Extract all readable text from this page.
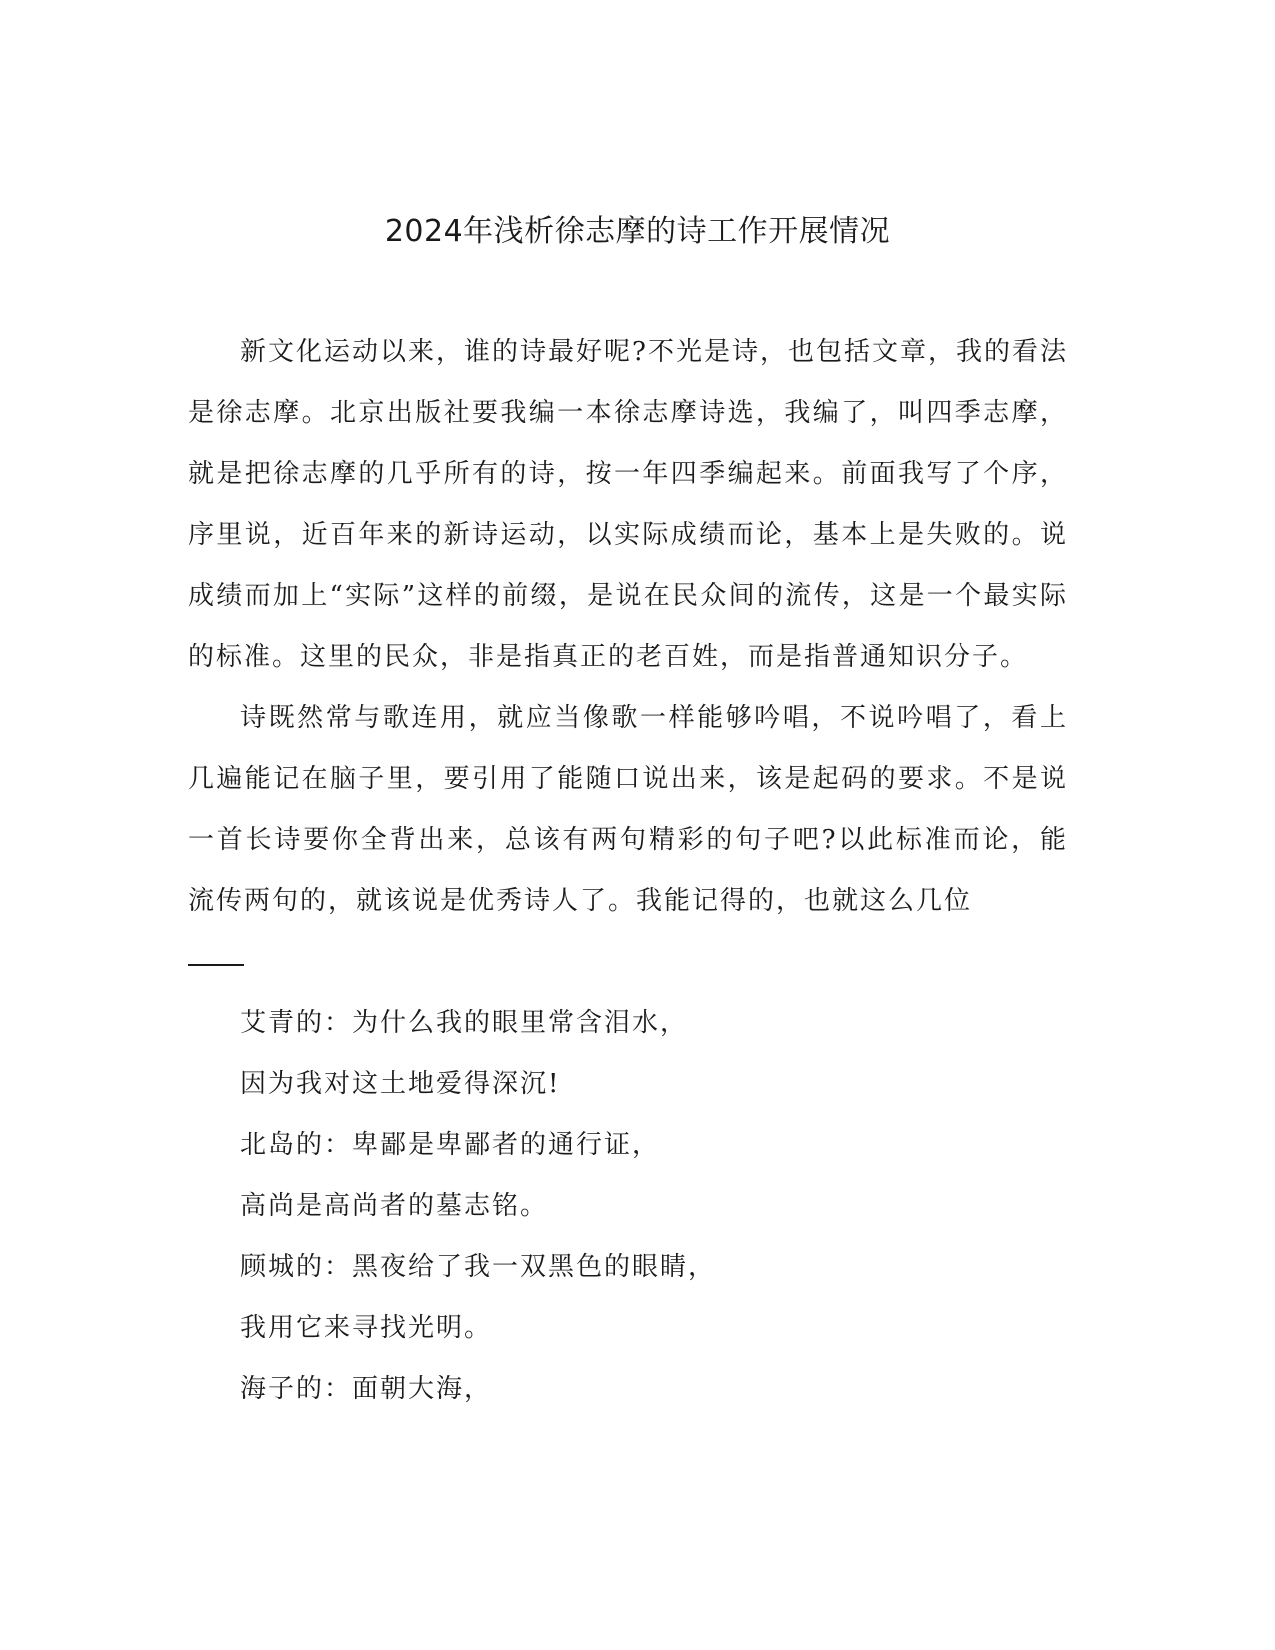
2024年浅析徐志摩的诗工作开展情况

新文化运动以来，谁的诗最好呢?不光是诗，也包括文章，我的看法是徐志摩。北京出版社要我编一本徐志摩诗选，我编了，叫四季志摩，就是把徐志摩的几乎所有的诗，按一年四季编起来。前面我写了个序，序里说，近百年来的新诗运动，以实际成绩而论，基本上是失败的。说成绩而加上“实际”这样的前缀，是说在民众间的流传，这是一个最实际的标准。这里的民众，非是指真正的老百姓，而是指普通知识分子。

诗既然常与歌连用，就应当像歌一样能够吟唱，不说吟唱了，看上几遍能记在脑子里，要引用了能随口说出来，该是起码的要求。不是说一首长诗要你全背出来，总该有两句精彩的句子吧?以此标准而论，能流传两句的，就该说是优秀诗人了。我能记得的，也就这么几位

艾青的：为什么我的眼里常含泪水，

因为我对这土地爱得深沉!

北岛的：卑鄙是卑鄙者的通行证，

高尚是高尚者的墓志铭。

顾城的：黑夜给了我一双黑色的眼睛，

我用它来寻找光明。

海子的：面朝大海，
